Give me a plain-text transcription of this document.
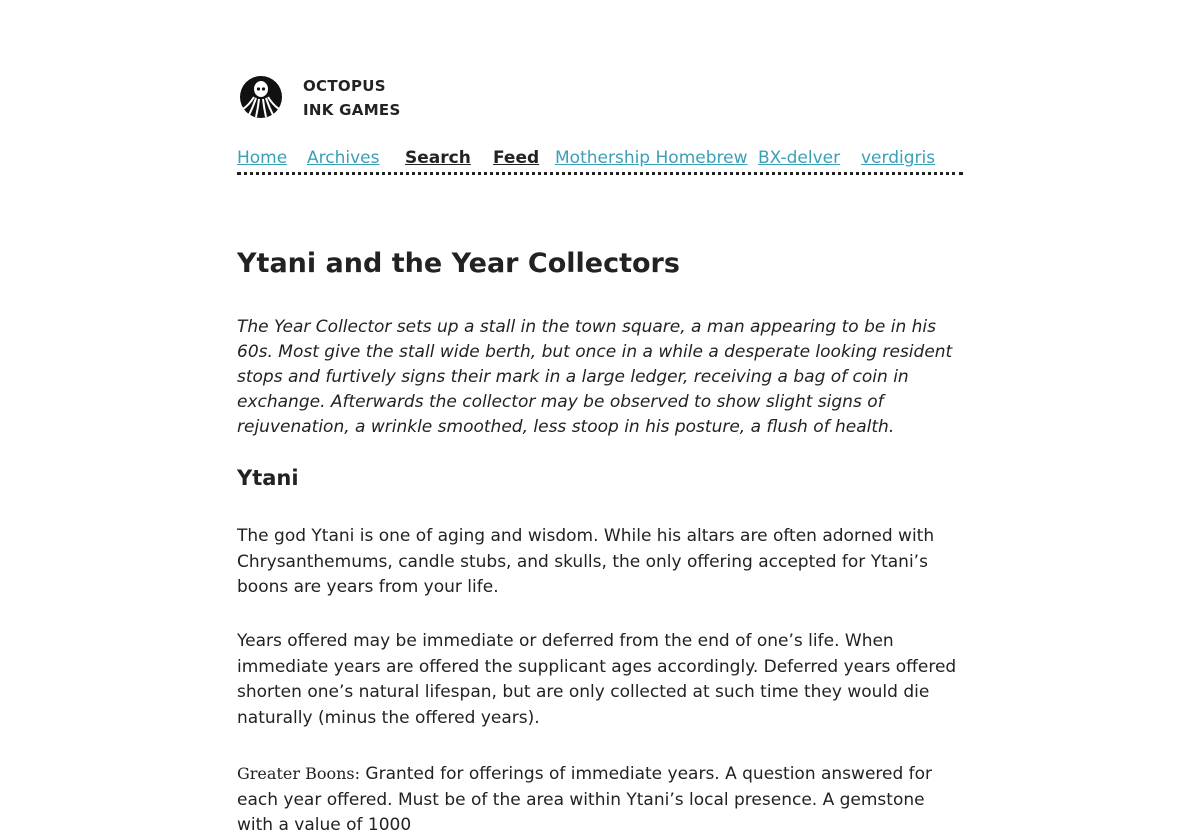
OCTOPUS
INK GAMES
Home Archives Search Feed Mothership Homebrew BX-delver verdigris
Ytani and the Year Collectors

The Year Collector sets up a stall in the town square, a man appearing to be in his 60s. Most give the stall wide berth, but once in a while a desperate looking resident stops and furtively signs their mark in a large ledger, receiving a bag of coin in exchange. Afterwards the collector may be observed to show slight signs of rejuvenation, a wrinkle smoothed, less stoop in his posture, a flush of health.

Ytani

The god Ytani is one of aging and wisdom. While his altars are often adorned with Chrysanthemums, candle stubs, and skulls, the only offering accepted for Ytani’s boons are years from your life.

Years offered may be immediate or deferred from the end of one’s life. When immediate years are offered the supplicant ages accordingly. Deferred years offered shorten one’s natural lifespan, but are only collected at such time they would die naturally (minus the offered years).

Greater Boons: Granted for offerings of immediate years. A question answered for each year offered. Must be of the area within Ytani’s local presence. A gemstone with a value of 1000
